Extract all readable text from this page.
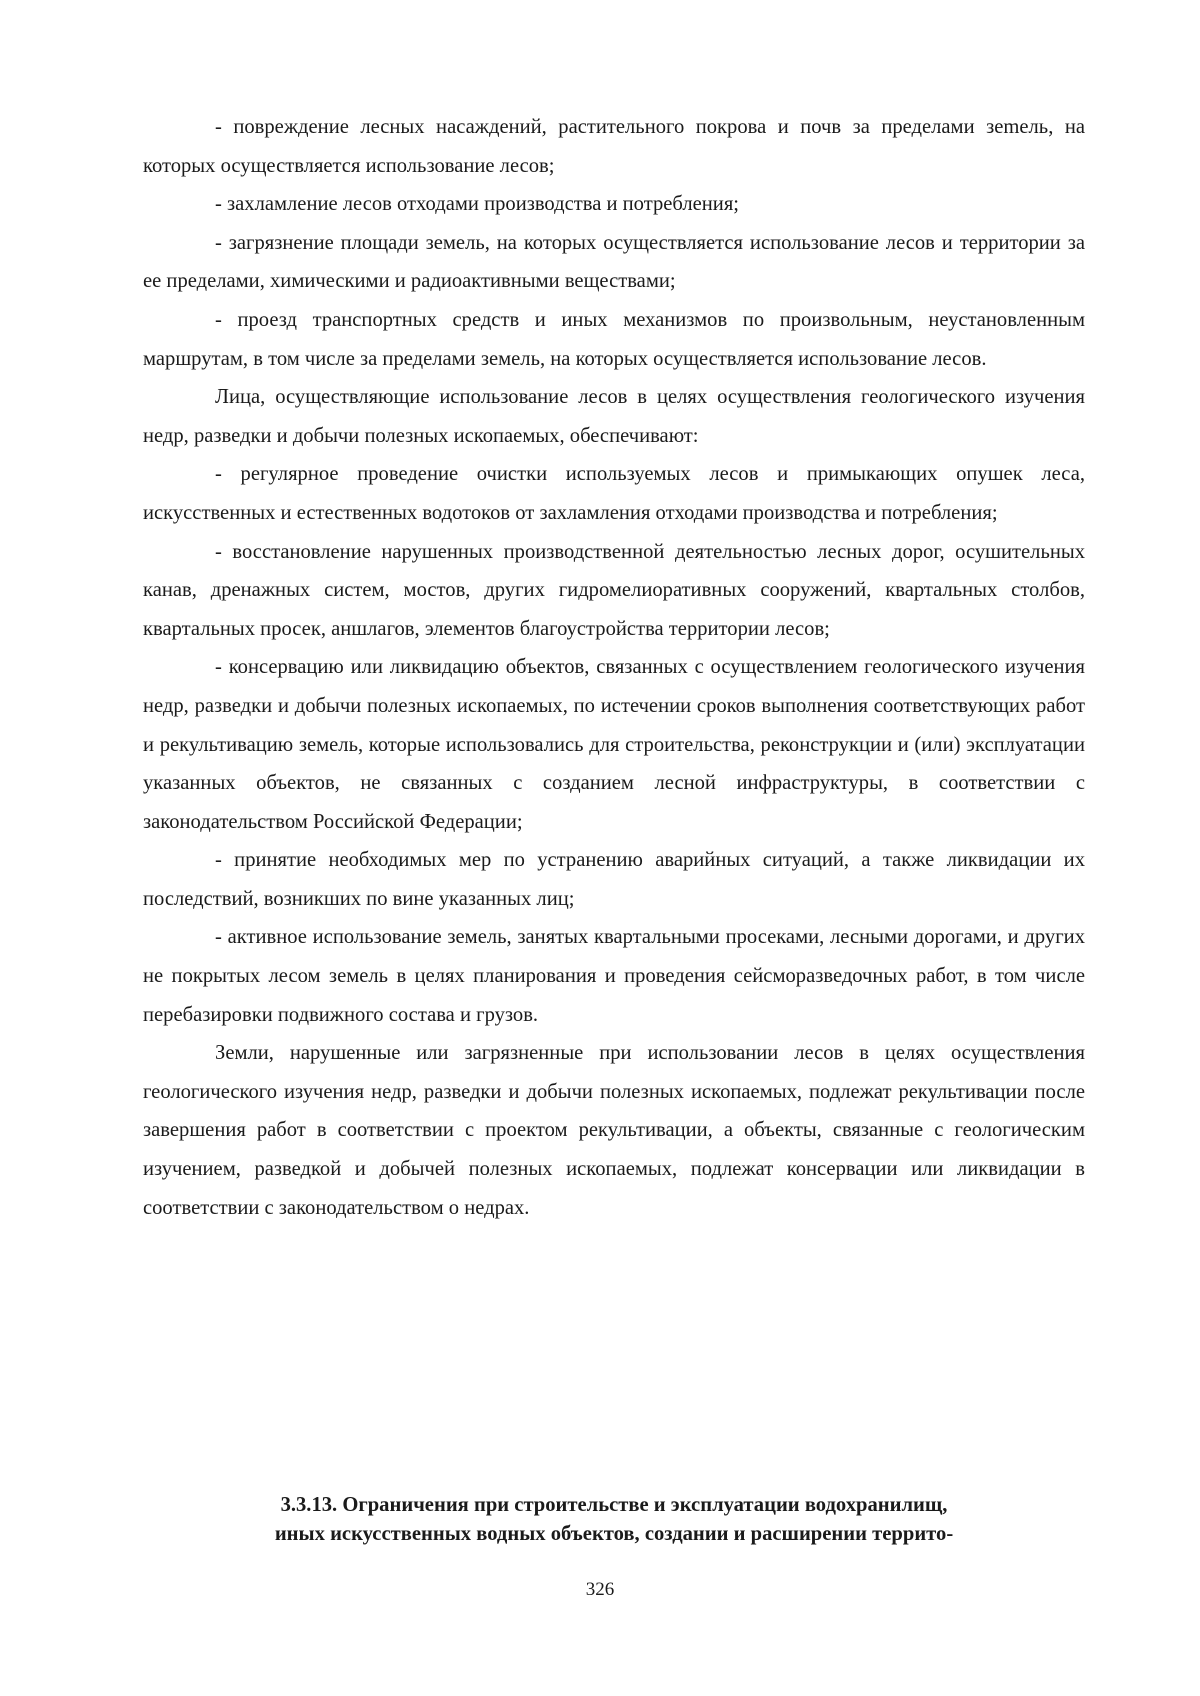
- повреждение лесных насаждений, растительного покрова и почв за пределами зеmель, на которых осуществляется использование лесов;

- захламление лесов отходами производства и потребления;

- загрязнение площади земель, на которых осуществляется использование лесов и территории за ее пределами, химическими и радиоактивными веществами;

- проезд транспортных средств и иных механизмов по произвольным, неустановленным маршрутам, в том числе за пределами земель, на которых осуществляется использование лесов.

Лица, осуществляющие использование лесов в целях осуществления геологического изучения недр, разведки и добычи полезных ископаемых, обеспечивают:

- регулярное проведение очистки используемых лесов и примыкающих опушек леса, искусственных и естественных водотоков от захламления отходами производства и потребления;

- восстановление нарушенных производственной деятельностью лесных дорог, осушительных канав, дренажных систем, мостов, других гидромелиоративных сооружений, квартальных столбов, квартальных просек, аншлагов, элементов благоустройства территории лесов;

- консервацию или ликвидацию объектов, связанных с осуществлением геологического изучения недр, разведки и добычи полезных ископаемых, по истечении сроков выполнения соответствующих работ и рекультивацию земель, которые использовались для строительства, реконструкции и (или) эксплуатации указанных объектов, не связанных с созданием лесной инфраструктуры, в соответствии с законодательством Российской Федерации;

- принятие необходимых мер по устранению аварийных ситуаций, а также ликвидации их последствий, возникших по вине указанных лиц;

- активное использование земель, занятых квартальными просеками, лесными дорогами, и других не покрытых лесом земель в целях планирования и проведения сейсморазведочных работ, в том числе перебазировки подвижного состава и грузов.

Земли, нарушенные или загрязненные при использовании лесов в целях осуществления геологического изучения недр, разведки и добычи полезных ископаемых, подлежат рекультивации после завершения работ в соответствии с проектом рекультивации, а объекты, связанные с геологическим изучением, разведкой и добычей полезных ископаемых, подлежат консервации или ликвидации в соответствии с законодательством о недрах.

3.3.13. Ограничения при строительстве и эксплуатации водохранилищ,
иных искусственных водных объектов, создании и расширении террито-
326
